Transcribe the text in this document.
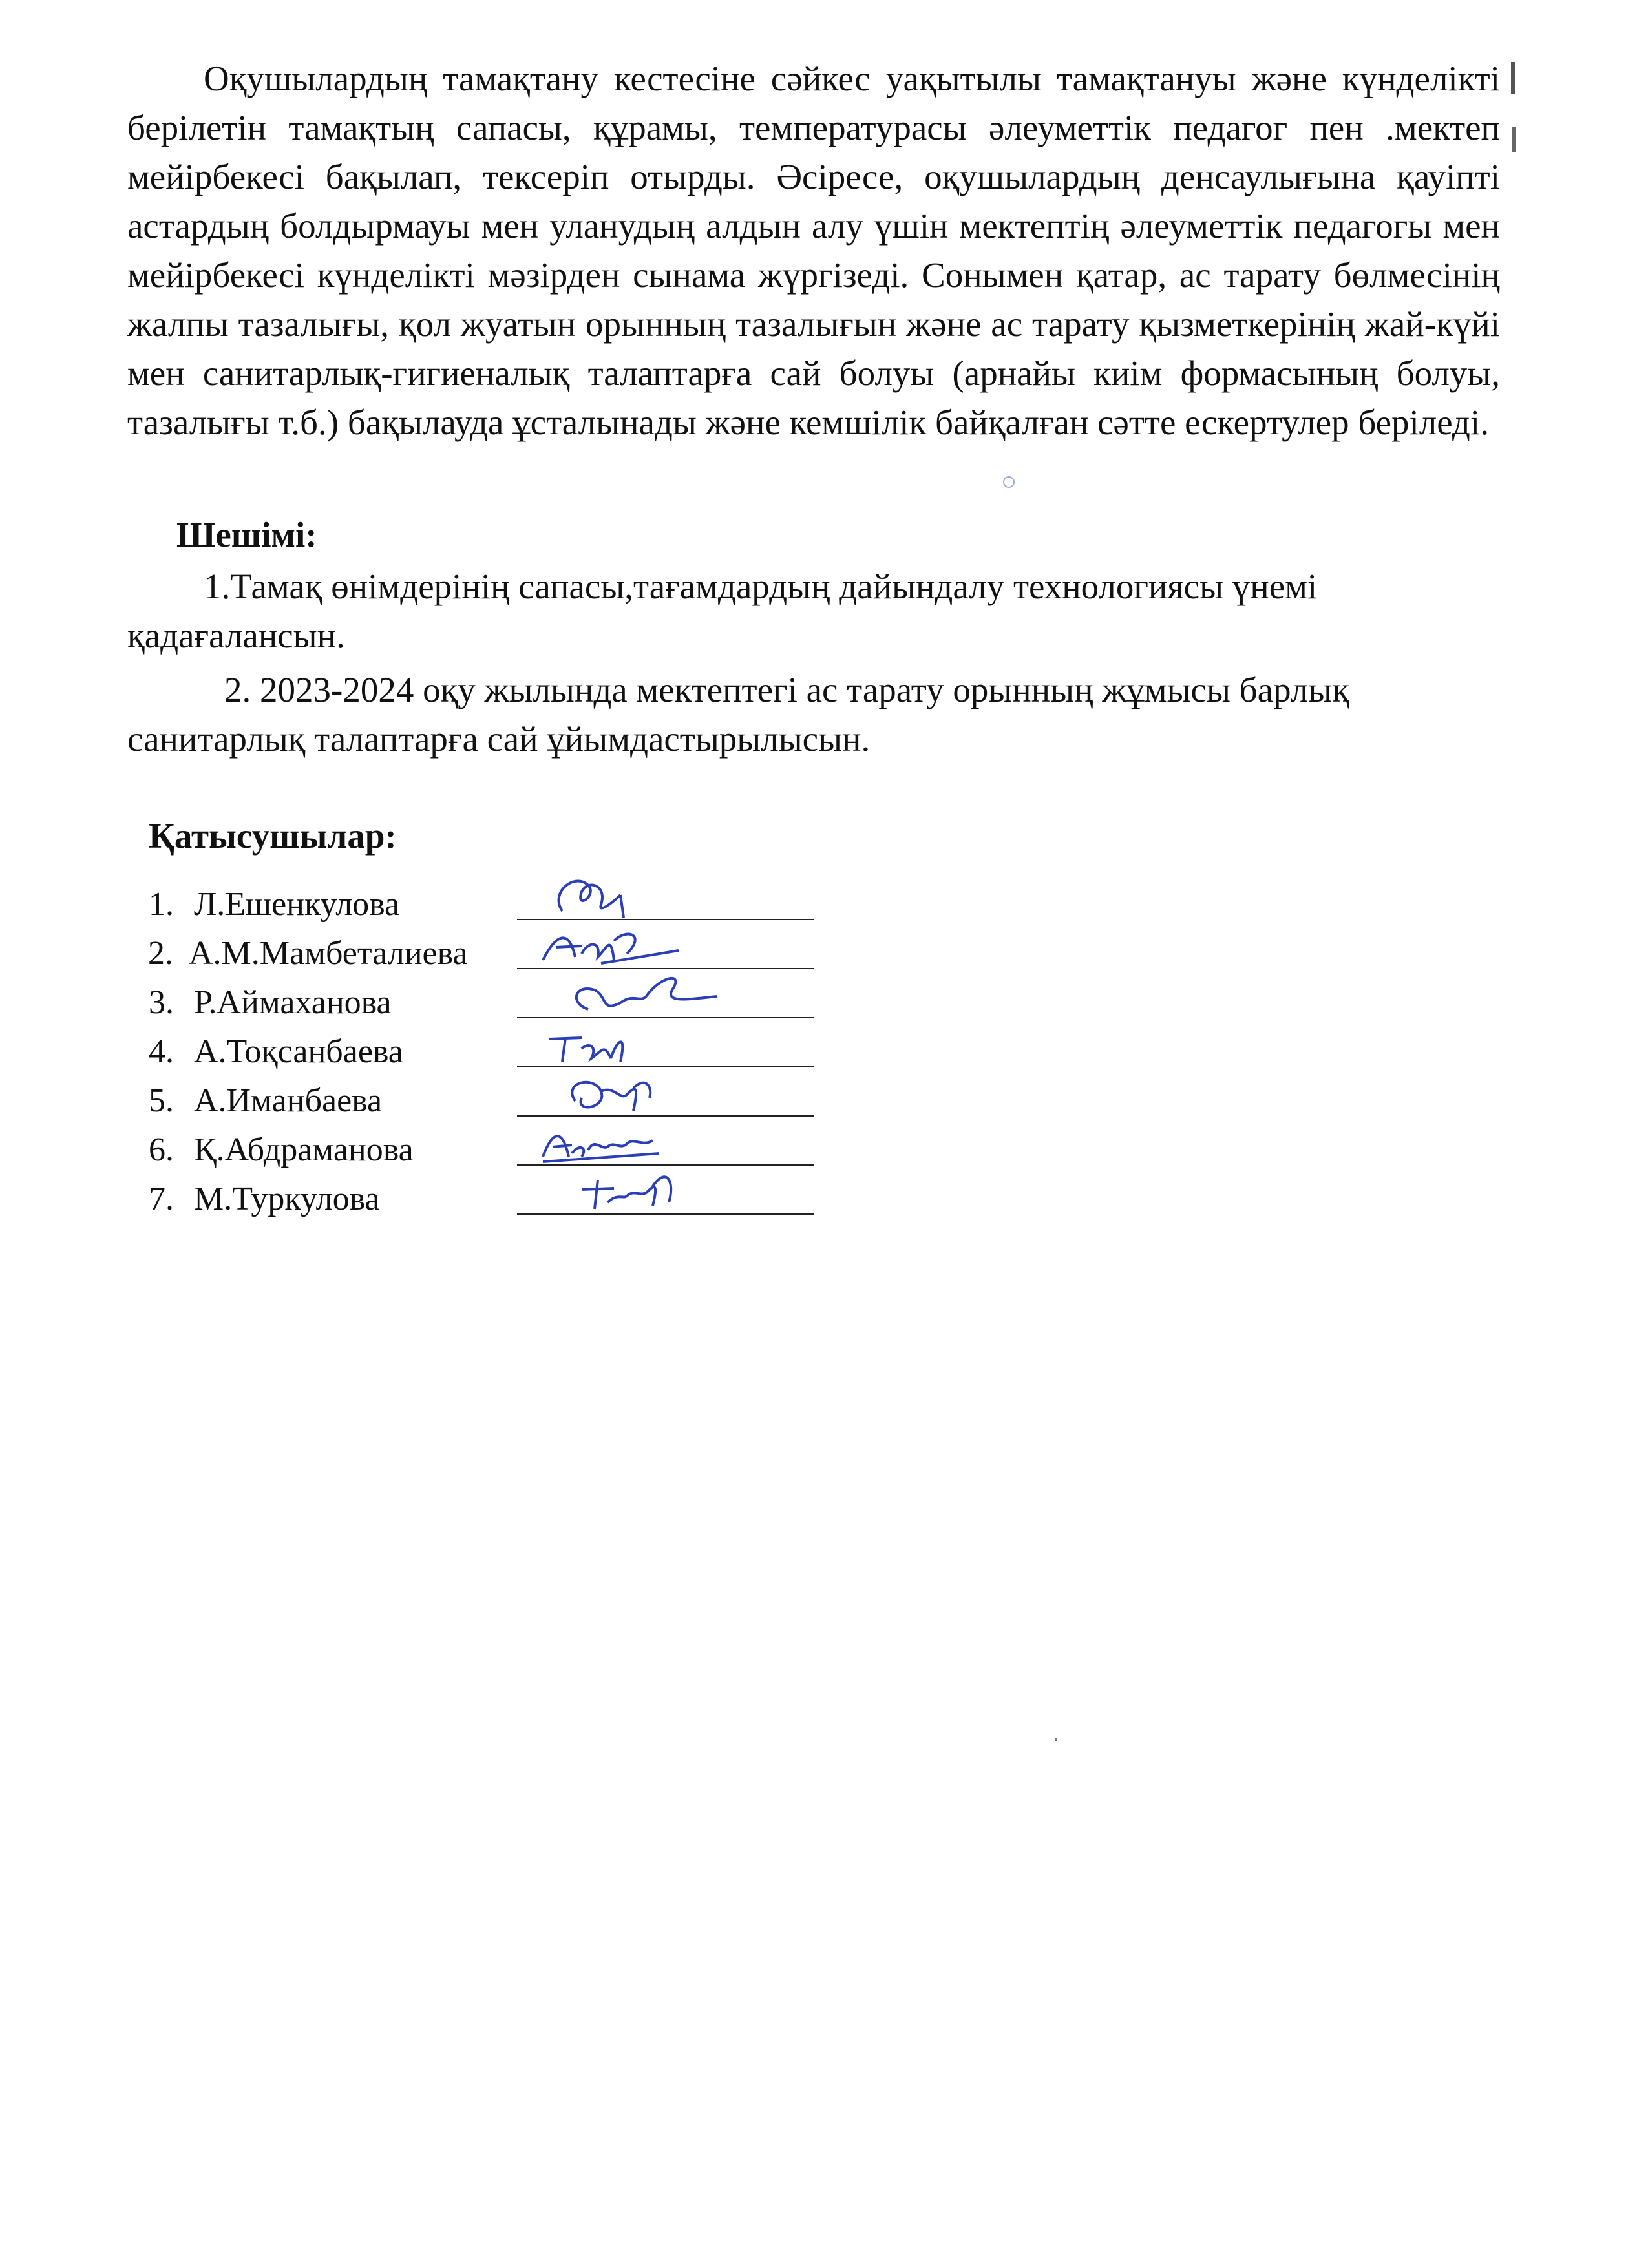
Оқушылардың тамақтану кестесіне сәйкес уақытылы тамақтануы және күнделікті берілетін тамақтың сапасы, құрамы, температурасы әлеуметтік педагог пен .мектеп мейірбекесі бақылап, тексеріп отырды. Әсіресе, оқушылардың денсаулығына қауіпті астардың болдырмауы мен уланудың алдын алу үшін мектептің әлеуметтік педагогы мен мейірбекесі күнделікті мәзірден сынама жүргізеді. Сонымен қатар, ас тарату бөлмесінің жалпы тазалығы, қол жуатын орынның тазалығын және ас тарату қызметкерінің жай-күйі мен санитарлық-гигиеналық талаптарға сай болуы (арнайы киім формасының болуы, тазалығы т.б.) бақылауда ұсталынады және кемшілік байқалған сәтте ескертулер беріледі.

Шешімі:

1.Тамақ өнімдерінің сапасы,тағамдардың дайындалу технологиясы үнемі қадағалансын.

2. 2023-2024 оқу жылында мектептегі ас тарату орынның жұмысы барлық санитарлық талаптарға сай ұйымдастырылысын.

Қатысушылар:

1. Л.Ешенкулова
2. А.М.Мамбеталиева
3. Р.Аймаханова
4. А.Тоқсанбаева
5. А.Иманбаева
6. Қ.Абдраманова
7. М.Туркулова
